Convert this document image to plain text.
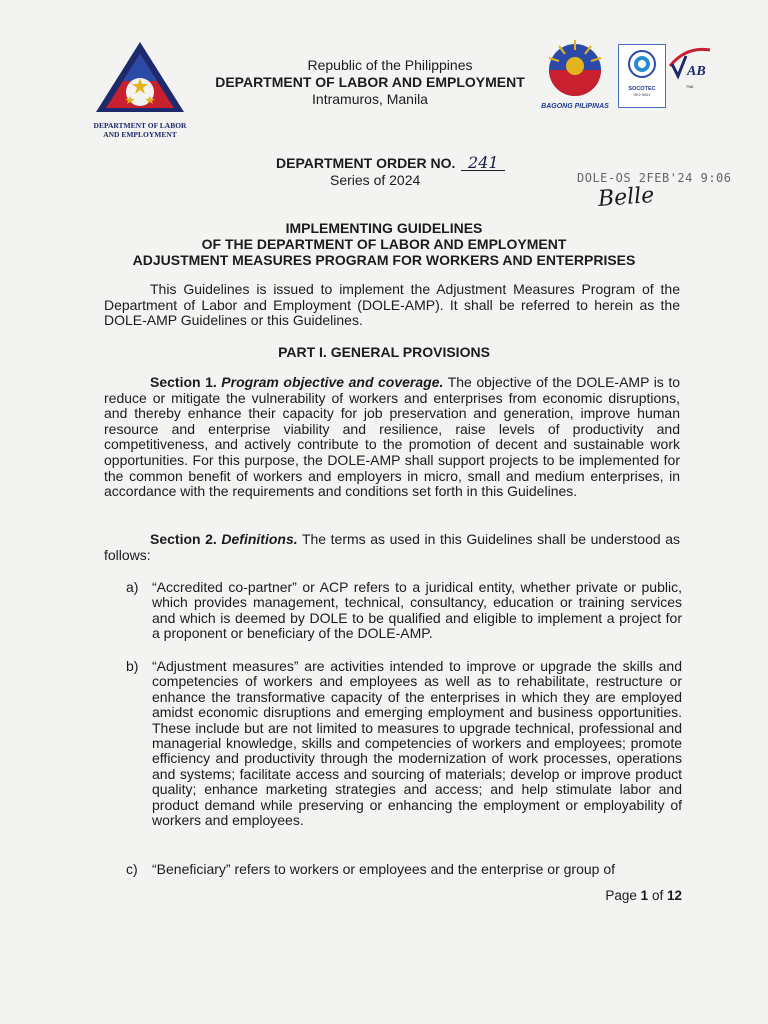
DEPARTMENT OF LABOR
AND EMPLOYMENT
Republic of the Philippines
DEPARTMENT OF LABOR AND EMPLOYMENT
Intramuros, Manila	BAGONG PILIPINAS
SOCOTEC
ISO 9001
AB
PAB
DEPARTMENT ORDER NO. 241
Series of 2024	DOLE-OS 2FEB'24 9:06
Belle
IMPLEMENTING GUIDELINES
OF THE DEPARTMENT OF LABOR AND EMPLOYMENT
ADJUSTMENT MEASURES PROGRAM FOR WORKERS AND ENTERPRISES
This Guidelines is issued to implement the Adjustment Measures Program of the Department of Labor and Employment (DOLE-AMP). It shall be referred to herein as the DOLE-AMP Guidelines or this Guidelines.
PART I. GENERAL PROVISIONS
Section 1. Program objective and coverage. The objective of the DOLE-AMP is to reduce or mitigate the vulnerability of workers and enterprises from economic disruptions, and thereby enhance their capacity for job preservation and generation, improve human resource and enterprise viability and resilience, raise levels of productivity and competitiveness, and actively contribute to the promotion of decent and sustainable work opportunities. For this purpose, the DOLE-AMP shall support projects to be implemented for the common benefit of workers and employers in micro, small and medium enterprises, in accordance with the requirements and conditions set forth in this Guidelines.
Section 2. Definitions. The terms as used in this Guidelines shall be understood as follows:
a) “Accredited co-partner” or ACP refers to a juridical entity, whether private or public, which provides management, technical, consultancy, education or training services and which is deemed by DOLE to be qualified and eligible to implement a project for a proponent or beneficiary of the DOLE-AMP.
b) “Adjustment measures” are activities intended to improve or upgrade the skills and competencies of workers and employees as well as to rehabilitate, restructure or enhance the transformative capacity of the enterprises in which they are employed amidst economic disruptions and emerging employment and business opportunities. These include but are not limited to measures to upgrade technical, professional and managerial knowledge, skills and competencies of workers and employees; promote efficiency and productivity through the modernization of work processes, operations and systems; facilitate access and sourcing of materials; develop or improve product quality; enhance marketing strategies and access; and help stimulate labor and product demand while preserving or enhancing the employment or employability of workers and employees.
c) “Beneficiary” refers to workers or employees and the enterprise or group of
Page 1 of 12
